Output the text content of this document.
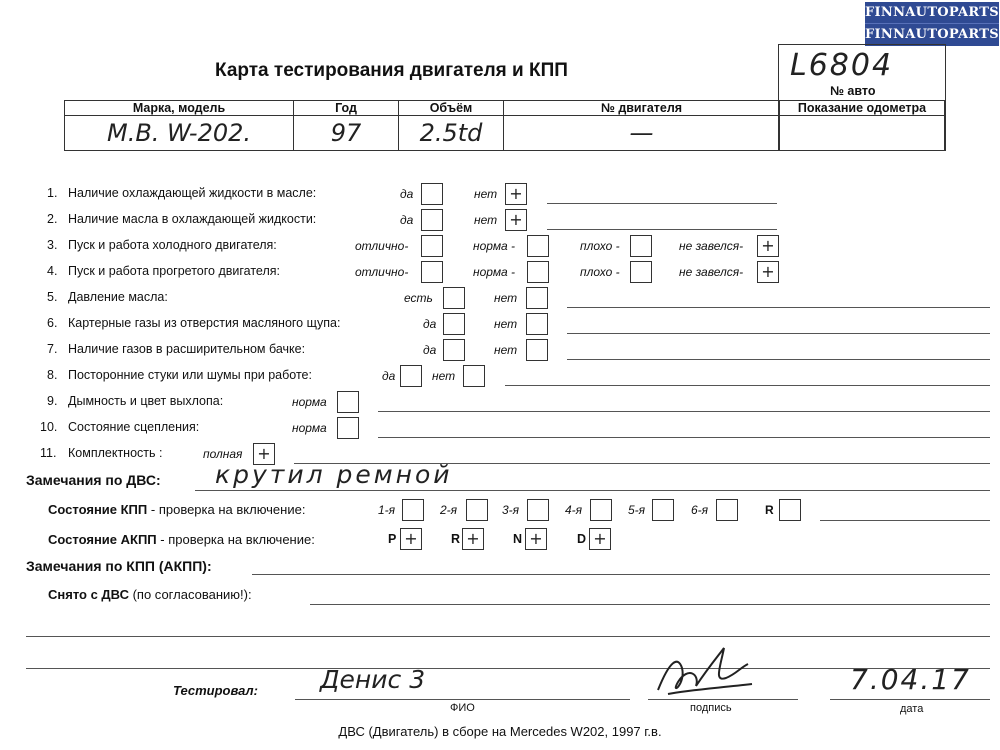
FINNAUTOPARTS
FINNAUTOPARTS
Карта тестирования двигателя и КПП	L6804
№ авто
Марка, модель	Год	Объём	№ двигателя	Показание одометра
M.B. W-202.	97	2.5td	—	
1. Наличие охлаждающей жидкости в масле:	да	нет +
2. Наличие масла в охлаждающей жидкости:	да	нет +
3. Пуск и работа холодного двигателя:	отлично-	норма -	плохо -	не завелся- +
4. Пуск и работа прогретого двигателя:	отлично-	норма -	плохо -	не завелся- +
5. Давление масла:	есть	нет
6. Картерные газы из отверстия масляного щупа:	да	нет
7. Наличие газов в расширительном бачке:	да	нет
8. Посторонние стуки или шумы при работе:	да	нет
9. Дымность и цвет выхлопа:	норма
10. Состояние сцепления:	норма
11. Комплектность :	полная +
Замечания по ДВС: крутил ремной
Состояние КПП - проверка на включение:	1-я	2-я	3-я	4-я	5-я	6-я	R
Состояние АКПП - проверка на включение:	P +	R +	N +	D +
Замечания по КПП (АКПП):
Снято с ДВС (по согласованию!):
Тестировал: Денис 3
ФИО	подпись
7.04.17
дата
ДВС (Двигатель) в сборе на Mercedes W202, 1997 г.в.
